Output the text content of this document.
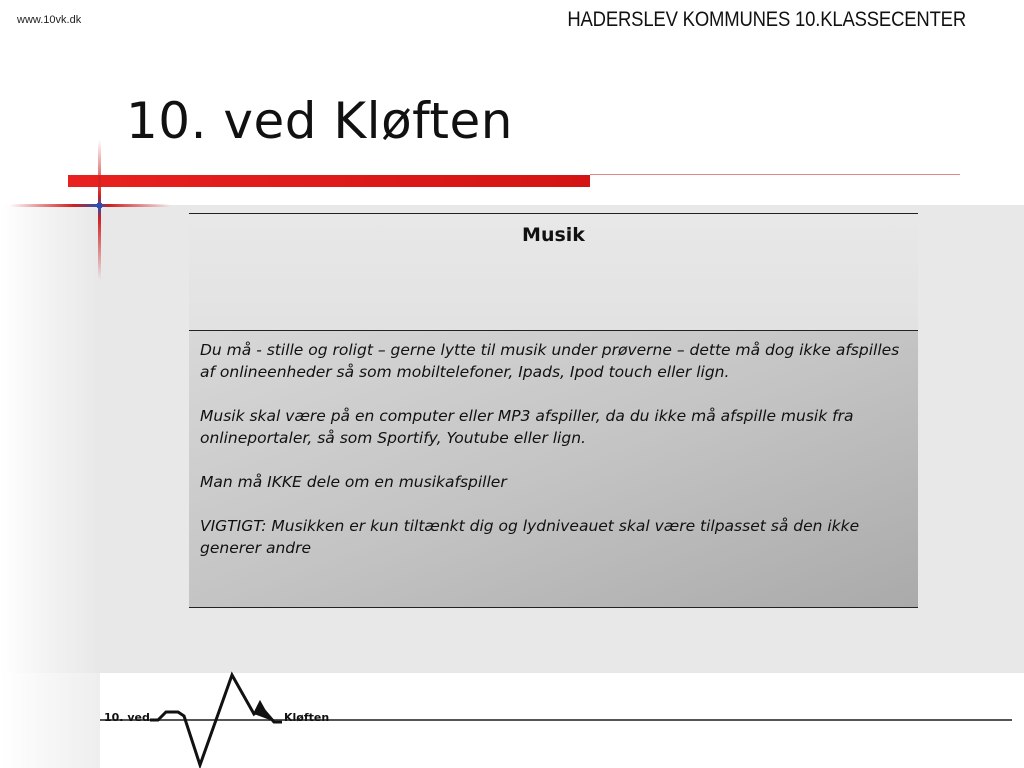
www.10vk.dk	HADERSLEV KOMMUNES 10.KLASSECENTER
10. ved Kløften
Musik

Du må - stille og roligt – gerne lytte til musik under prøverne – dette må dog ikke afspilles af onlineenheder så som mobiltelefoner, Ipads, Ipod touch eller lign.

Musik skal være på en computer eller MP3 afspiller, da du ikke må afspille musik fra onlineportaler, så som Sportify, Youtube eller lign.

Man må IKKE dele om en musikafspiller

VIGTIGT: Musikken er kun tiltænkt dig og lydniveauet skal være tilpasset så den ikke generer andre

10. ved	Kløften
